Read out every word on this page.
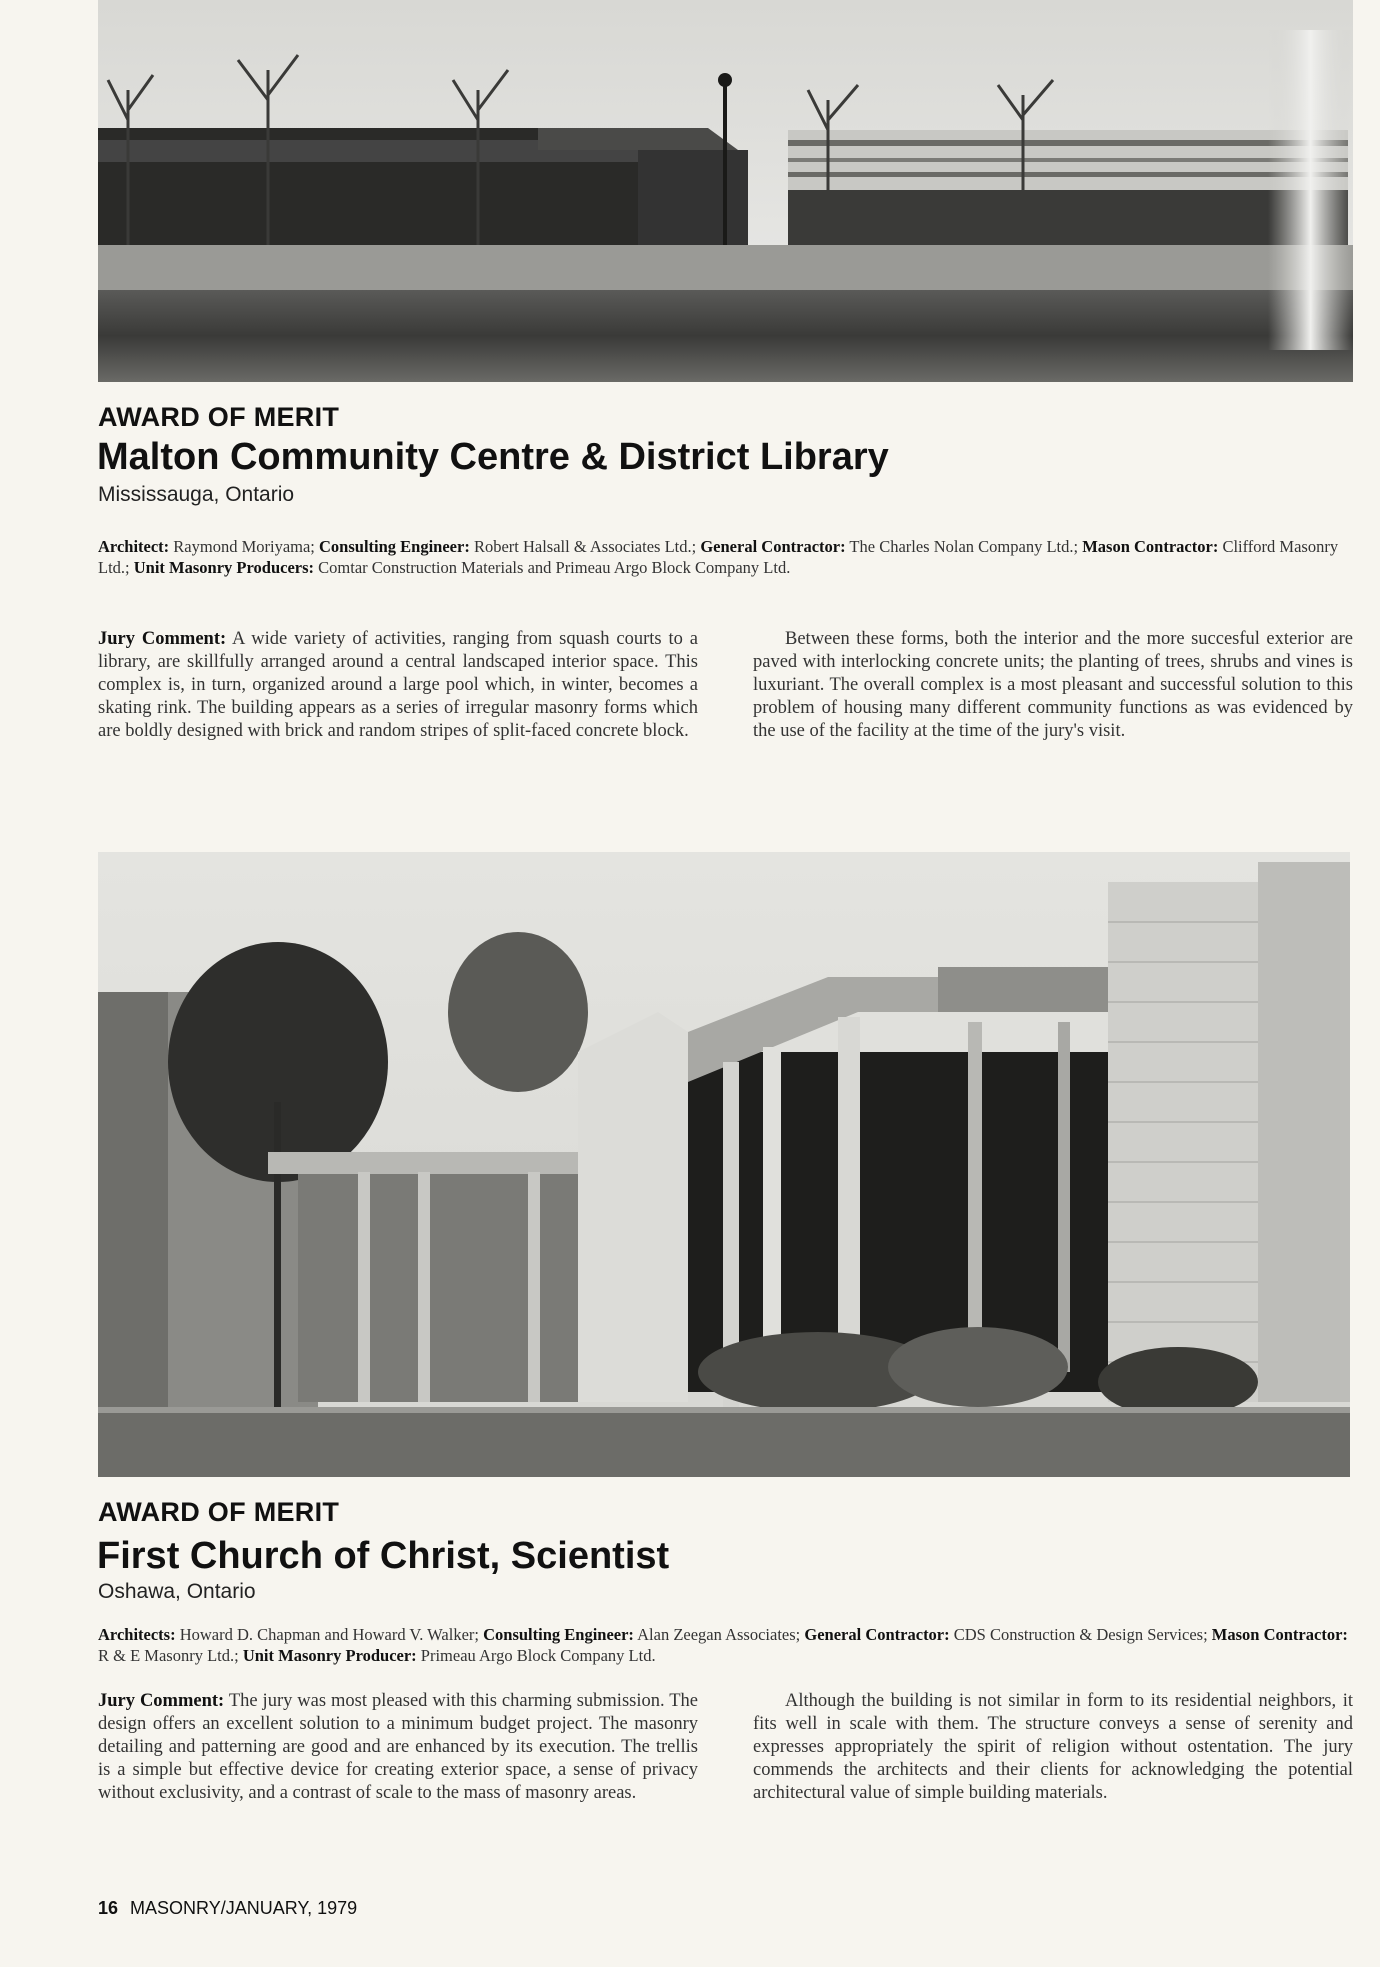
AWARD OF MERIT
Malton Community Centre & District Library
Mississauga, Ontario
Architect: Raymond Moriyama; Consulting Engineer: Robert Halsall & Associates Ltd.; General Contractor: The Charles Nolan Company Ltd.; Mason Contractor: Clifford Masonry Ltd.; Unit Masonry Producers: Comtar Construction Materials and Primeau Argo Block Company Ltd.
Jury Comment: A wide variety of activities, ranging from squash courts to a library, are skillfully arranged around a central landscaped interior space. This complex is, in turn, organized around a large pool which, in winter, becomes a skating rink. The building appears as a series of irregular masonry forms which are boldly designed with brick and random stripes of split-faced concrete block.
Between these forms, both the interior and the more succesful exterior are paved with interlocking concrete units; the planting of trees, shrubs and vines is luxuriant. The overall complex is a most pleasant and successful solution to this problem of housing many different community functions as was evidenced by the use of the facility at the time of the jury's visit.
AWARD OF MERIT
First Church of Christ, Scientist
Oshawa, Ontario
Architects: Howard D. Chapman and Howard V. Walker; Consulting Engineer: Alan Zeegan Associates; General Contractor: CDS Construction & Design Services; Mason Contractor: R & E Masonry Ltd.; Unit Masonry Producer: Primeau Argo Block Company Ltd.
Jury Comment: The jury was most pleased with this charming submission. The design offers an excellent solution to a minimum budget project. The masonry detailing and patterning are good and are enhanced by its execution. The trellis is a simple but effective device for creating exterior space, a sense of privacy without exclusivity, and a contrast of scale to the mass of masonry areas.
Although the building is not similar in form to its residential neighbors, it fits well in scale with them. The structure conveys a sense of serenity and expresses appropriately the spirit of religion without ostentation. The jury commends the architects and their clients for acknowledging the potential architectural value of simple building materials.
16 MASONRY/JANUARY, 1979
